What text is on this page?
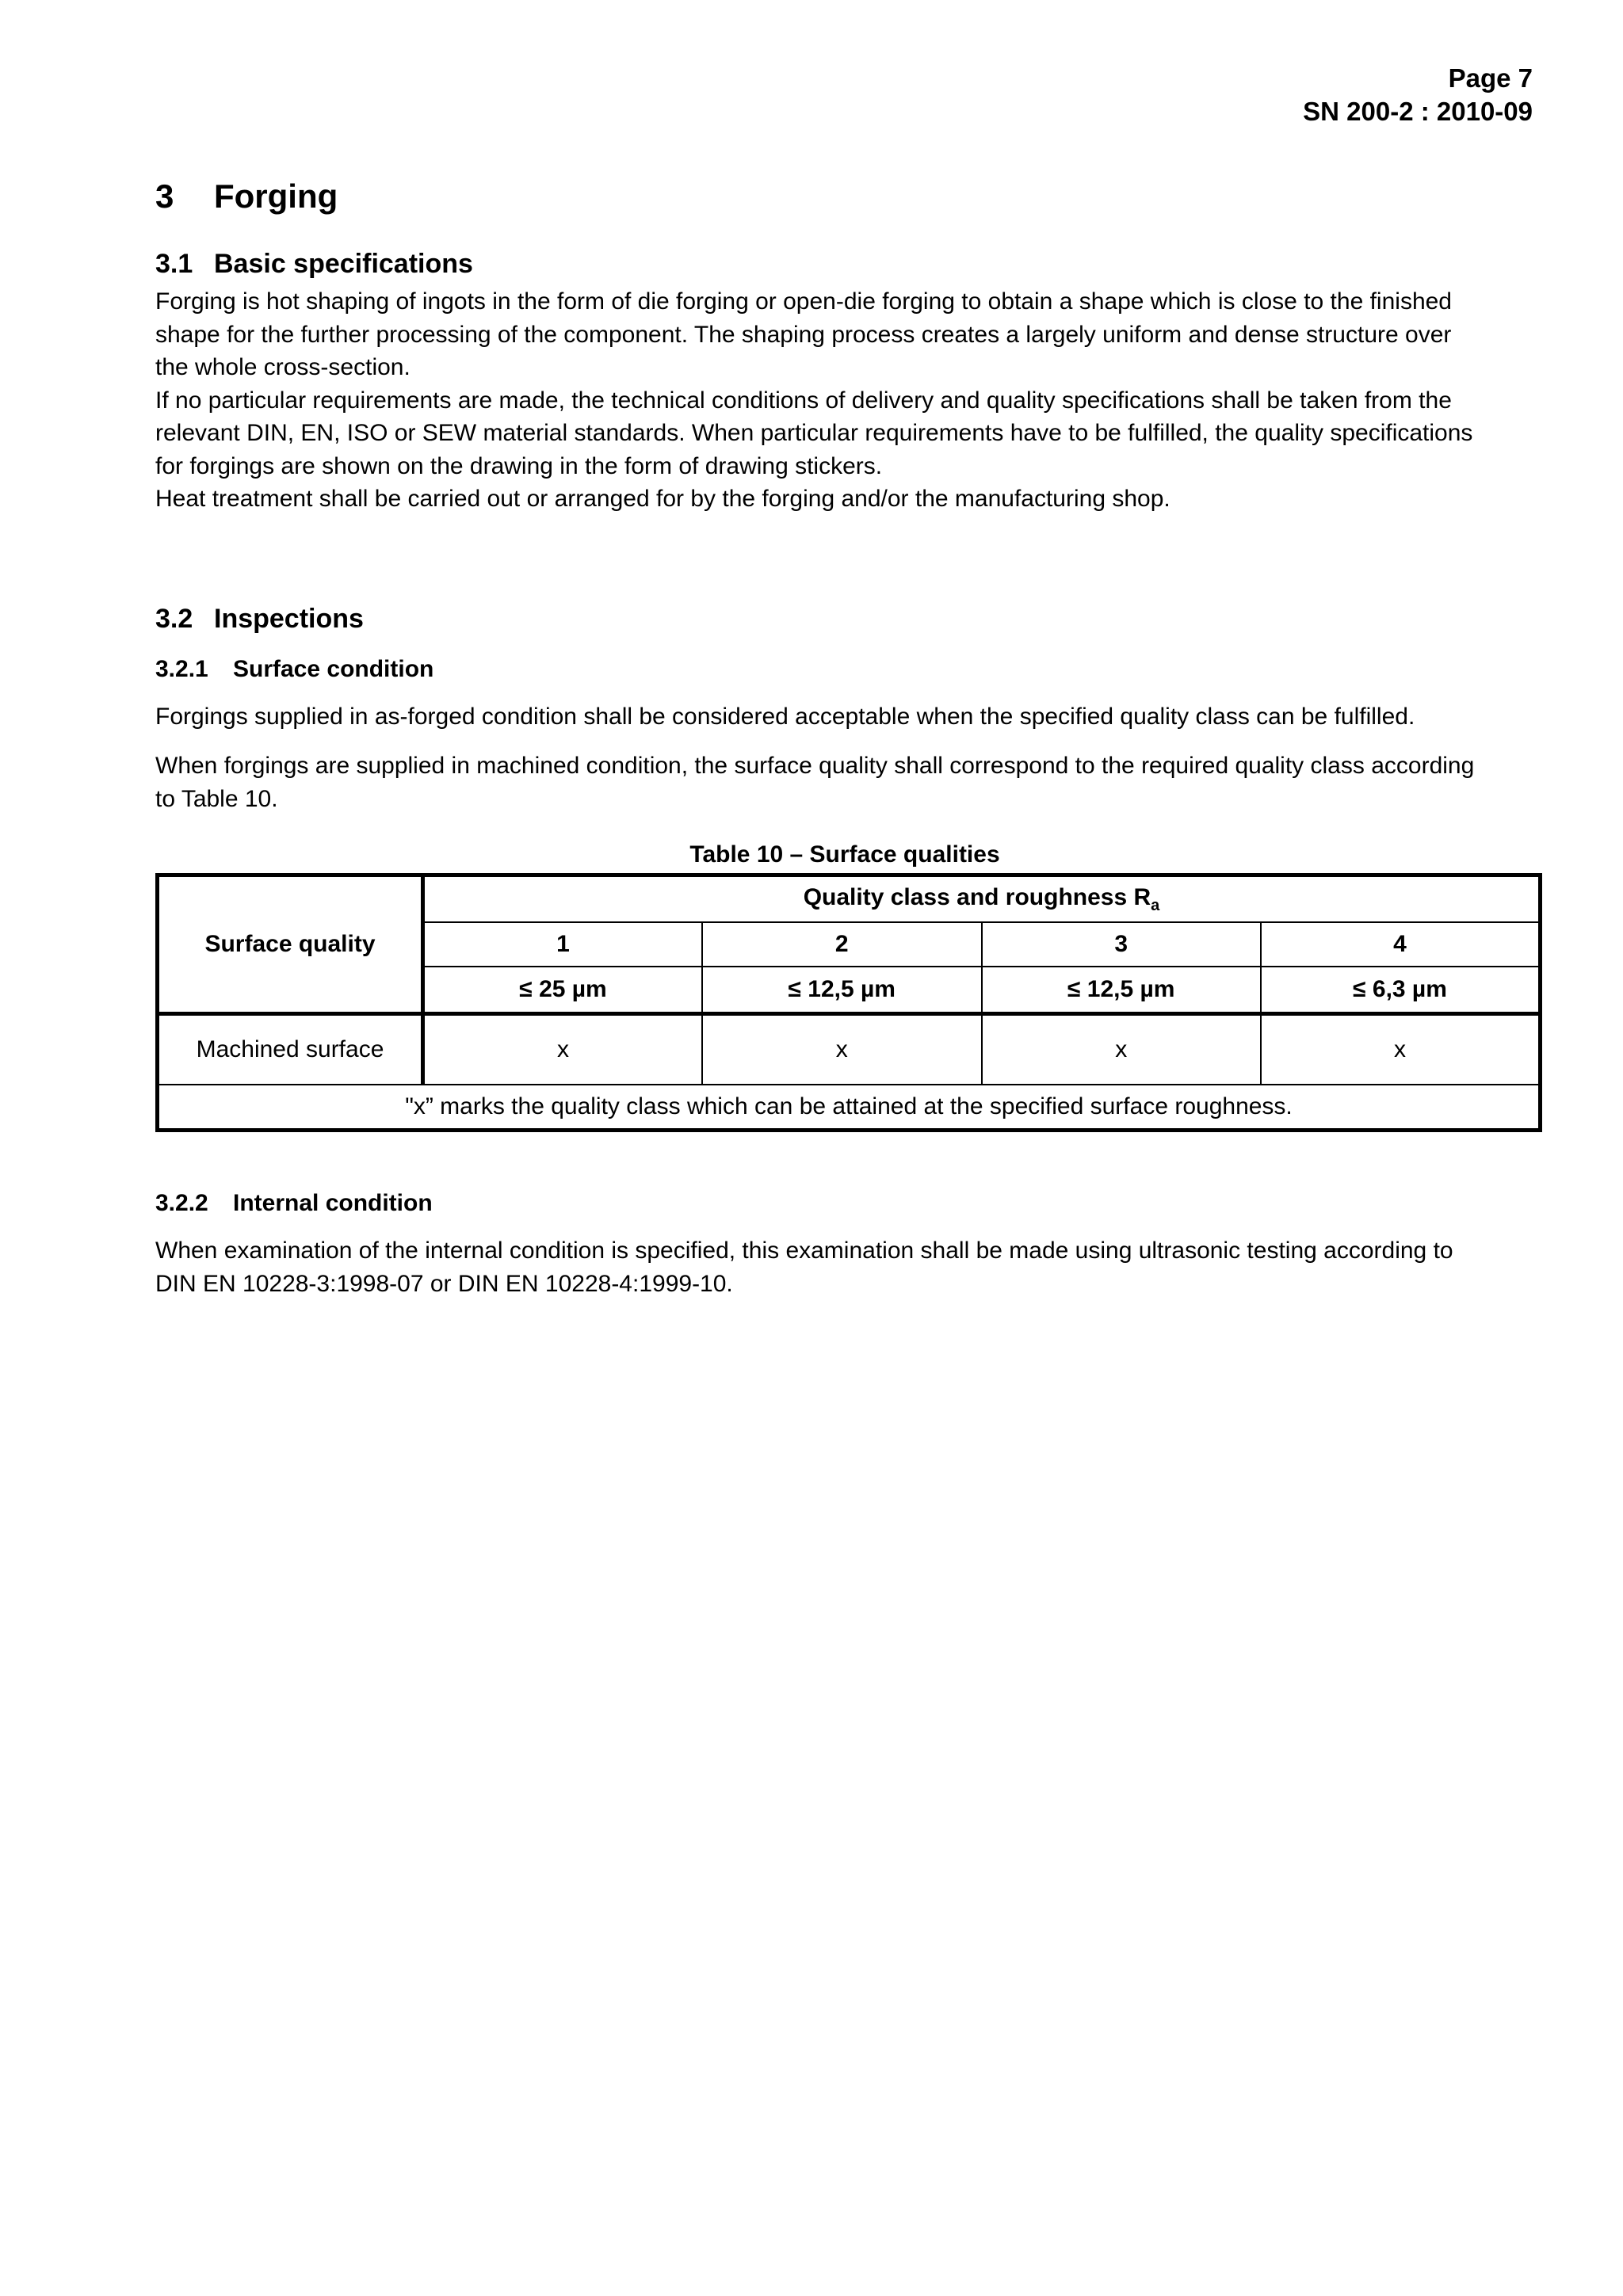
Page 7
SN 200-2 : 2010-09
3 Forging
3.1 Basic specifications
Forging is hot shaping of ingots in the form of die forging or open-die forging to obtain a shape which is close to the finished
shape for the further processing of the component. The shaping process creates a largely uniform and dense structure over
the whole cross-section.
If no particular requirements are made, the technical conditions of delivery and quality specifications shall be taken from the
relevant DIN, EN, ISO or SEW material standards. When particular requirements have to be fulfilled, the quality specifications
for forgings are shown on the drawing in the form of drawing stickers.
Heat treatment shall be carried out or arranged for by the forging and/or the manufacturing shop.
3.2 Inspections
3.2.1 Surface condition
Forgings supplied in as-forged condition shall be considered acceptable when the specified quality class can be fulfilled.
When forgings are supplied in machined condition, the surface quality shall correspond to the required quality class according
to Table 10.
Table 10 – Surface qualities
Surface quality	Quality class and roughness $R_a$
	1	2	3	4
	≤ 25 µm	≤ 12,5 µm	≤ 12,5 µm	≤ 6,3 µm
Machined surface	x	x	x	x
"x” marks the quality class which can be attained at the specified surface roughness.				
3.2.2 Internal condition
When examination of the internal condition is specified, this examination shall be made using ultrasonic testing according to
DIN EN 10228-3:1998-07 or DIN EN 10228-4:1999-10.
